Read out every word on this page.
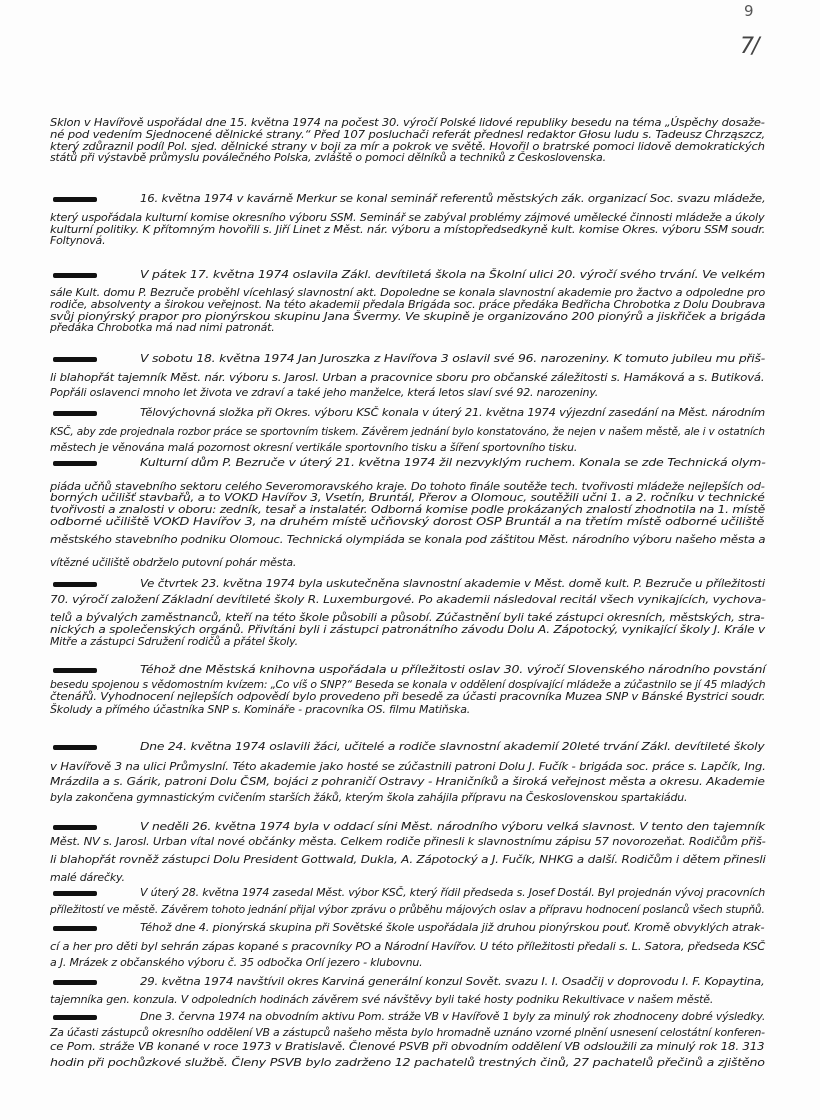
9
7/
Sklon v Havířově uspořádal dne 15. května 1974 na počest 30. výročí Polské lidové republiky besedu na téma „Úspěchy dosaže-
né pod vedením Sjednocené dělnické strany.“ Před 107 posluchači referát přednesl redaktor Głosu ludu s. Tadeusz Chrząszcz,
který zdůraznil podíl Pol. sjed. dělnické strany v boji za mír a pokrok ve světě. Hovořil o bratrské pomoci lidově demokratických
států při výstavbě průmyslu poválečného Polska, zvláště o pomoci dělníků a techniků z Československa.
16. května 1974 v kavárně Merkur se konal seminář referentů městských zák. organizací Soc. svazu mládeže,
který uspořádala kulturní komise okresního výboru SSM. Seminář se zabýval problémy zájmové umělecké činnosti mládeže a úkoly
kulturní politiky. K přítomným hovořili s. Jiří Linet z Měst. nár. výboru a místopředsedkyně kult. komise Okres. výboru SSM soudr.
Foltynová.
V pátek 17. května 1974 oslavila Zákl. devítiletá škola na Školní ulici 20. výročí svého trvání. Ve velkém
sále Kult. domu P. Bezruče proběhl vícehlasý slavnostní akt. Dopoledne se konala slavnostní akademie pro žactvo a odpoledne pro
rodiče, absolventy a širokou veřejnost. Na této akademii předala Brigáda soc. práce předáka Bedřicha Chrobotka z Dolu Doubrava
svůj pionýrský prapor pro pionýrskou skupinu Jana Švermy. Ve skupině je organizováno 200 pionýrů a jiskřiček a brigáda
předáka Chrobotka má nad nimi patronát.
V sobotu 18. května 1974 Jan Juroszka z Havířova 3 oslavil své 96. narozeniny. K tomuto jubileu mu přiš-
li blahopřát tajemník Měst. nár. výboru s. Jarosl. Urban a pracovnice sboru pro občanské záležitosti s. Hamáková a s. Butiková.
Popřáli oslavenci mnoho let života ve zdraví a také jeho manželce, která letos slaví své 92. narozeniny.
Tělovýchovná složka při Okres. výboru KSČ konala v úterý 21. května 1974 výjezdní zasedání na Měst. národním
KSČ, aby zde projednala rozbor práce se sportovním tiskem. Závěrem jednání bylo konstatováno, že nejen v našem městě, ale i v ostatních
městech je věnována malá pozornost okresní vertikále sportovního tisku a šíření sportovního tisku.
Kulturní dům P. Bezruče v úterý 21. května 1974 žil nezvyklým ruchem. Konala se zde Technická olym-
piáda učňů stavebního sektoru celého Severomoravského kraje. Do tohoto finále soutěže tech. tvořivosti mládeže nejlepších od-
borných učilišť stavbařů, a to VOKD Havířov 3, Vsetín, Bruntál, Přerov a Olomouc, soutěžili učni 1. a 2. ročníku v technické
tvořivosti a znalosti v oboru: zedník, tesař a instalatér. Odborná komise podle prokázaných znalostí zhodnotila na 1. místě
odborné učiliště VOKD Havířov 3, na druhém místě učňovský dorost OSP Bruntál a na třetím místě odborné učiliště
městského stavebního podniku Olomouc. Technická olympiáda se konala pod záštitou Měst. národního výboru našeho města a
vítězné učiliště obdrželo putovní pohár města.
Ve čtvrtek 23. května 1974 byla uskutečněna slavnostní akademie v Měst. domě kult. P. Bezruče u příležitosti
70. výročí založení Základní devítileté školy R. Luxemburgové. Po akademii následoval recitál všech vynikajících, vychova-
telů a bývalých zaměstnanců, kteří na této škole působili a působí. Zúčastnění byli také zástupci okresních, městských, stra-
nických a společenských orgánů. Přivítáni byli i zástupci patronátního závodu Dolu A. Zápotocký, vynikající školy J. Krále v
Mitře a zástupci Sdružení rodičů a přátel školy.
Téhož dne Městská knihovna uspořádala u příležitosti oslav 30. výročí Slovenského národního povstání
besedu spojenou s vědomostním kvízem: „Co víš o SNP?“ Beseda se konala v oddělení dospívající mládeže a zúčastnilo se jí 45 mladých
čtenářů. Vyhodnocení nejlepších odpovědí bylo provedeno při besedě za účasti pracovníka Muzea SNP v Bánské Bystrici soudr.
Školudy a přímého účastníka SNP s. Komináře - pracovníka OS. filmu Matiňska.
Dne 24. května 1974 oslavili žáci, učitelé a rodiče slavnostní akademií 20leté trvání Zákl. devítileté školy
v Havířově 3 na ulici Průmyslní. Této akademie jako hosté se zúčastnili patroni Dolu J. Fučík - brigáda soc. práce s. Lapčík, Ing.
Mrázdila a s. Gárik, patroni Dolu ČSM, bojáci z pohraničí Ostravy - Hraničníků a široká veřejnost města a okresu. Akademie
byla zakončena gymnastickým cvičením starších žáků, kterým škola zahájila přípravu na Československou spartakiádu.
V neděli 26. května 1974 byla v oddací síni Měst. národního výboru velká slavnost. V tento den tajemník
Měst. NV s. Jarosl. Urban vítal nové občánky města. Celkem rodiče přinesli k slavnostnímu zápisu 57 novorozeňat. Rodičům přiš-
li blahopřát rovněž zástupci Dolu President Gottwald, Dukla, A. Zápotocký a J. Fučík, NHKG a další. Rodičům i dětem přinesli
malé dárečky.
V úterý 28. května 1974 zasedal Měst. výbor KSČ, který řídil předseda s. Josef Dostál. Byl projednán vývoj pracovních
příležitostí ve městě. Závěrem tohoto jednání přijal výbor zprávu o průběhu májových oslav a přípravu hodnocení poslanců všech stupňů.
Téhož dne 4. pionýrská skupina při Sovětské škole uspořádala již druhou pionýrskou pouť. Kromě obvyklých atrak-
cí a her pro děti byl sehrán zápas kopané s pracovníky PO a Národní Havířov. U této příležitosti předali s. L. Satora, předseda KSČ
a J. Mrázek z občanského výboru č. 35 odbočka Orlí jezero - klubovnu.
29. května 1974 navštívil okres Karviná generální konzul Sovět. svazu I. I. Osadčij v doprovodu I. F. Kopaytina,
tajemníka gen. konzula. V odpoledních hodinách závěrem své návštěvy byli také hosty podniku Rekultivace v našem městě.
Dne 3. června 1974 na obvodním aktivu Pom. stráže VB v Havířově 1 byly za minulý rok zhodnoceny dobré výsledky.
Za účasti zástupců okresního oddělení VB a zástupců našeho města bylo hromadně uznáno vzorné plnění usnesení celostátní konferen-
ce Pom. stráže VB konané v roce 1973 v Bratislavě. Členové PSVB při obvodním oddělení VB odsloužili za minulý rok 18. 313
hodin při pochůzkové službě. Členy PSVB bylo zadrženo 12 pachatelů trestných činů, 27 pachatelů přečinů a zjištěno
